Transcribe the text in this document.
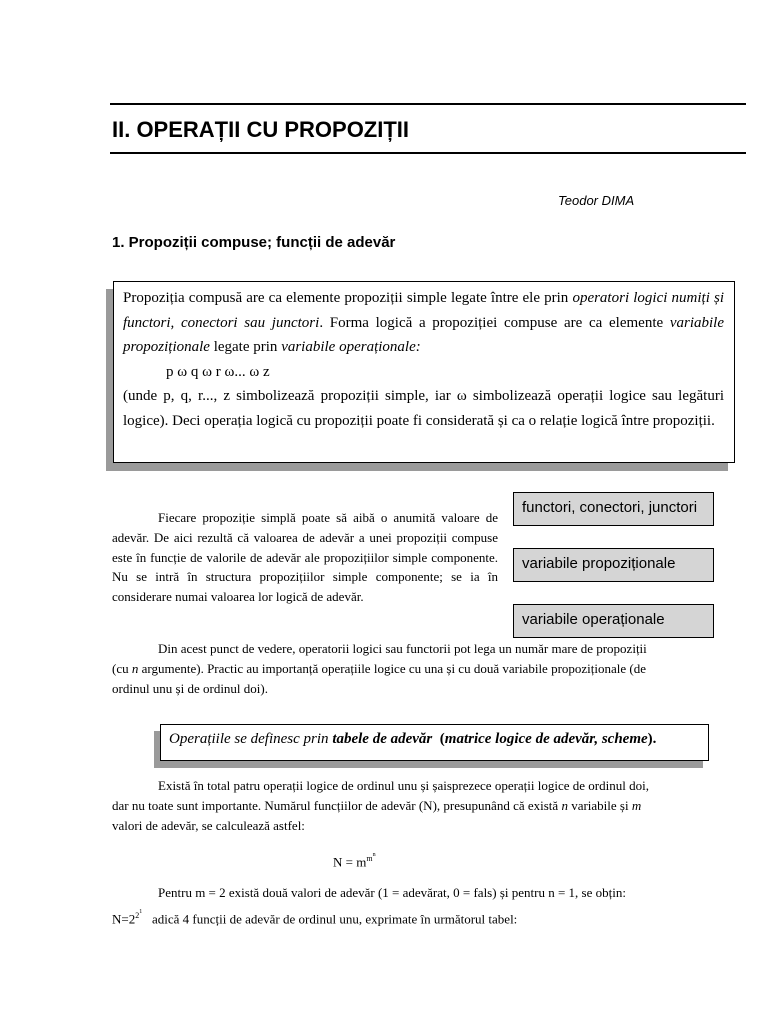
II. OPERAȚII CU PROPOZIȚII
Teodor DIMA
1. Propoziții compuse; funcții de adevăr

Propoziția compusă are ca elemente propoziții simple legate între ele prin operatori logici numiți și functori, conectori sau junctori. Forma logică a propoziției compuse are ca elemente variabile propoziționale legate prin variabile operaționale:

p ω q ω r ω... ω z

(unde p, q, r..., z simbolizează propoziții simple, iar ω simbolizează operații logice sau legături logice). Deci operația logică cu propoziții poate fi considerată și ca o relație logică între propoziții.

Fiecare propoziție simplă poate să aibă o anumită valoare de adevăr. De aici rezultă că valoarea de adevăr a unei propoziții compuse este în funcție de valorile de adevăr ale propozițiilor simple componente. Nu se intră în structura propozițiilor simple componente; se ia în considerare numai valoarea lor logică de adevăr.
functori, conectori, junctori
variabile propoziționale
variabile operaționale
Din acest punct de vedere, operatorii logici sau functorii pot lega un număr mare de propoziții (cu n argumente). Practic au importanță operațiile logice cu una și cu două variabile propoziționale (de ordinul unu și de ordinul doi).
Operațiile se definesc prin tabele de adevăr  (matrice logice de adevăr, scheme).
Există în total patru operații logice de ordinul unu și șaisprezece operații logice de ordinul doi, dar nu toate sunt importante. Numărul funcțiilor de adevăr (N), presupunând că există n variabile și m valori de adevăr, se calculează astfel:
$N = m^{m^n}$
Pentru m = 2 există două valori de adevăr (1 = adevărat, 0 = fals) și pentru n = 1, se obțin: $N=2^{2^1}$   adică 4 funcții de adevăr de ordinul unu, exprimate în următorul tabel:
